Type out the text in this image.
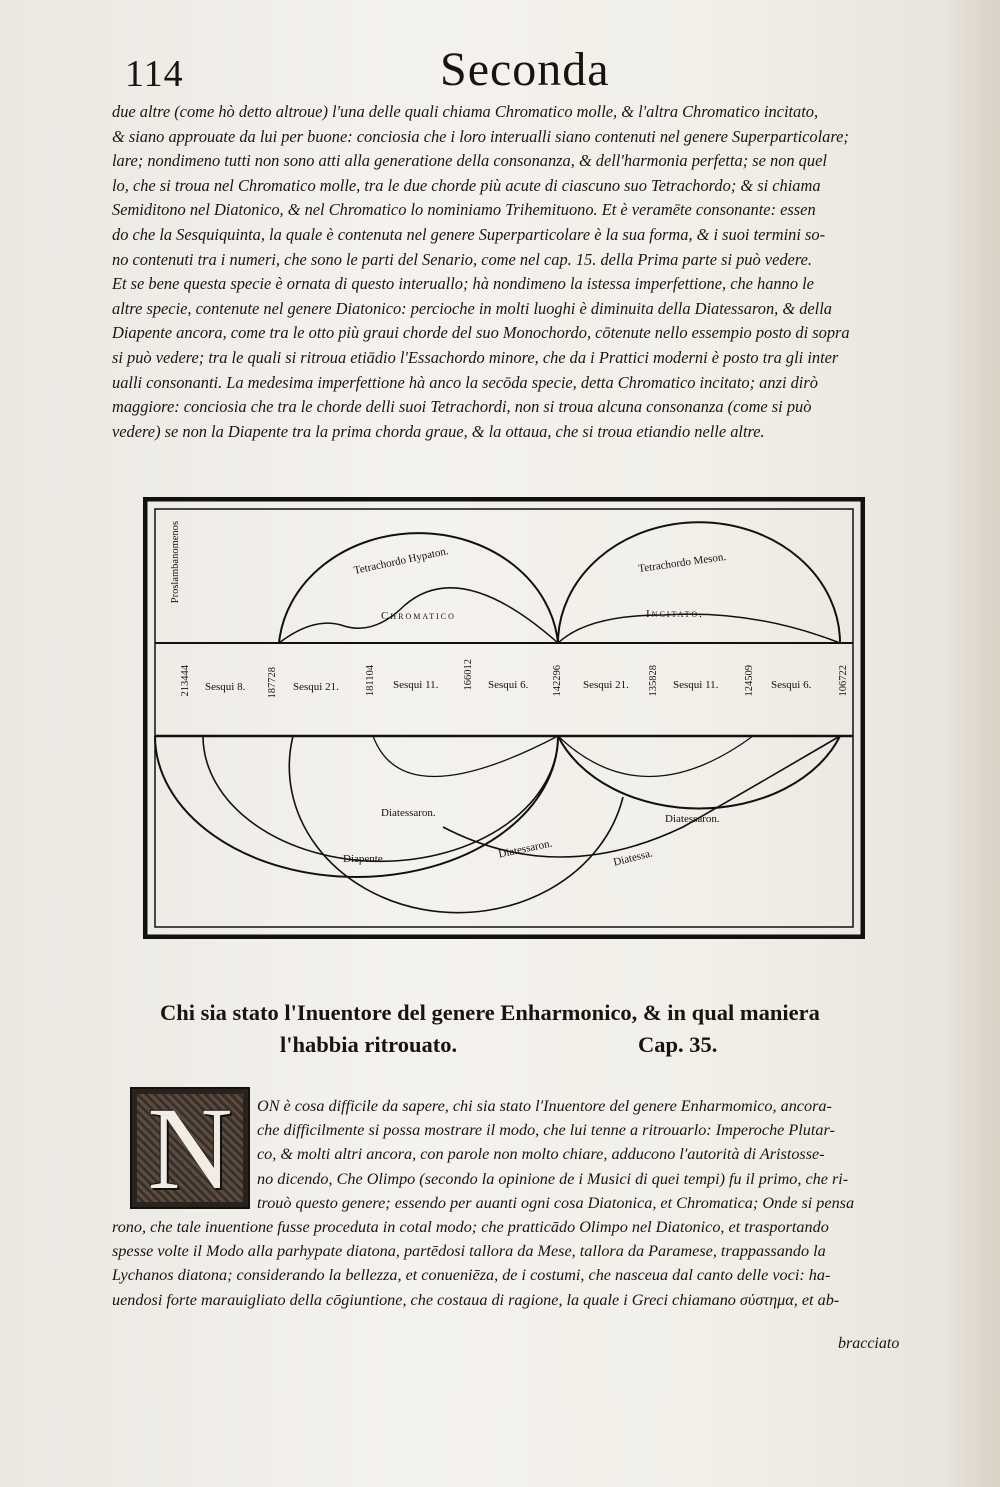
114	Seconda

due altre (come hò detto altroue) l'una delle quali chiama Chromatico molle, & l'altra Chromatico incitato,
& siano approuate da lui per buone: conciosia che i loro interualli siano contenuti nel genere Superparticolare;
lare; nondimeno tutti non sono atti alla generatione della consonanza, & dell'harmonia perfetta; se non quel
lo, che si troua nel Chromatico molle, tra le due chorde più acute di ciascuno suo Tetrachordo; & si chiama
Semiditono nel Diatonico, & nel Chromatico lo nominiamo Trihemituono. Et è veramēte consonante: essen
do che la Sesquiquinta, la quale è contenuta nel genere Superparticolare è la sua forma, & i suoi termini so-
no contenuti tra i numeri, che sono le parti del Senario, come nel cap. 15. della Prima parte si può vedere.
Et se bene questa specie è ornata di questo interuallo; hà nondimeno la istessa imperfettione, che hanno le
altre specie, contenute nel genere Diatonico: percioche in molti luoghi è diminuita della Diatessaron, & della
Diapente ancora, come tra le otto più graui chorde del suo Monochordo, cōtenute nello essempio posto di sopra
si può vedere; tra le quali si ritroua etiādio l'Essachordo minore, che da i Prattici moderni è posto tra gli inter
ualli consonanti. La medesima imperfettione hà anco la secōda specie, detta Chromatico incitato; anzi dirò
maggiore: conciosia che tra le chorde delli suoi Tetrachordi, non si troua alcuna consonanza (come si può
vedere) se non la Diapente tra la prima chorda graue, & la ottaua, che si troua etiandio nelle altre.

Proslambanomenos	Tetrachordo Hypaton.	Tetrachordo Meson.
Chromatico	Incitato.
213444	187728	181104	166012	142296	135828	124509	106722
Sesqui 8.	Sesqui 21.	Sesqui 11.	Sesqui 6.	Sesqui 21.	Sesqui 11.	Sesqui 6.
Diatessaron.	Diatessaron.
Diatessaron.
Diapente	Diatessa.
Chi sia stato l'Inuentore del genere Enharmonico, & in qual maniera
l'habbia ritrouato.	Cap. 35.
N	ON è cosa difficile da sapere, chi sia stato l'Inuentore del genere Enharmomico, ancora-
che difficilmente si possa mostrare il modo, che lui tenne a ritrouarlo: Imperoche Plutar-
co, & molti altri ancora, con parole non molto chiare, adducono l'autorità di Aristosse-
no dicendo, Che Olimpo (secondo la opinione de i Musici di quei tempi) fu il primo, che ri-
trouò questo genere; essendo per auanti ogni cosa Diatonica, et Chromatica; Onde si pensa
rono, che tale inuentione fusse proceduta in cotal modo; che pratticādo Olimpo nel Diatonico, et trasportando
spesse volte il Modo alla parhypate diatona, partēdosi tallora da Mese, tallora da Paramese, trappassando la
Lychanos diatona; considerando la bellezza, et conueniēza, de i costumi, che nasceua dal canto delle voci: ha-
uendosi forte marauigliato della cōgiuntione, che costaua di ragione, la quale i Greci chiamano σύστημα, et ab-

bracciato
